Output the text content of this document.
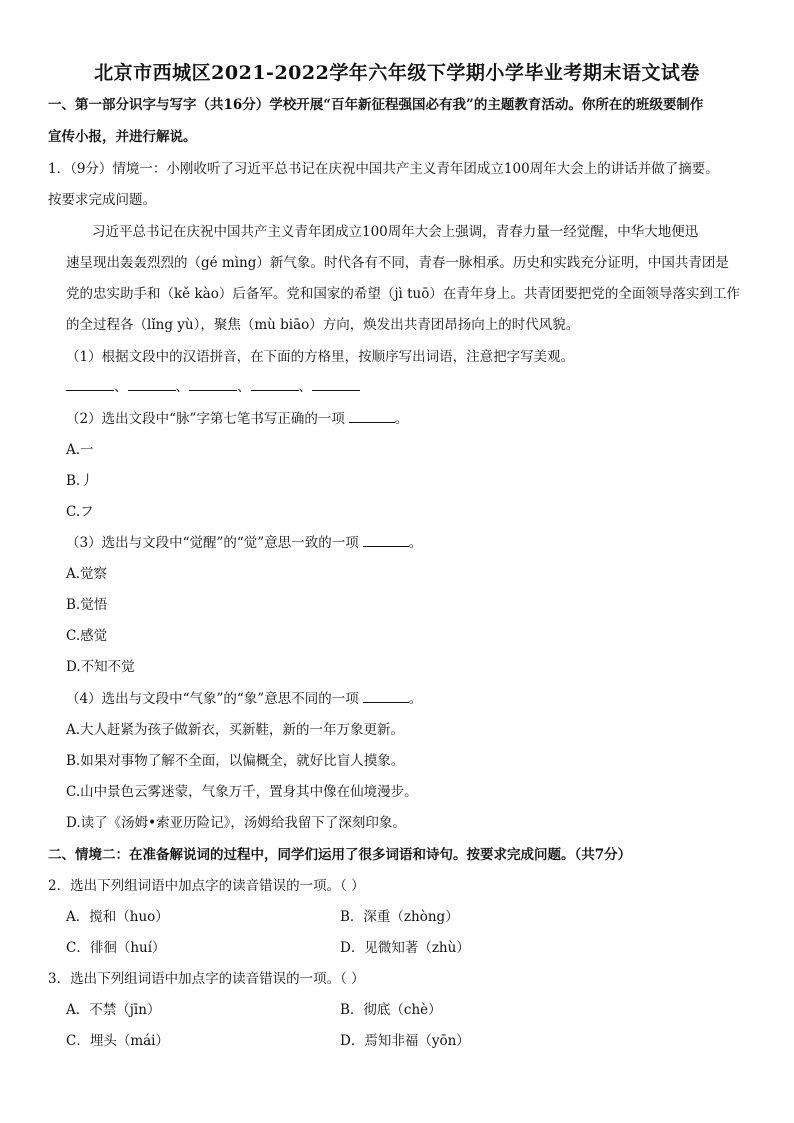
北京市西城区2021-2022学年六年级下学期小学毕业考期末语文试卷
一、第一部分识字与写字（共16分）学校开展“百年新征程强国必有我”的主题教育活动。你所在的班级要制作
宣传小报，并进行解说。
1．（9分）情境一：小刚收听了习近平总书记在庆祝中国共产主义青年团成立100周年大会上的讲话并做了摘要。
按要求完成问题。
习近平总书记在庆祝中国共产主义青年团成立100周年大会上强调，青春力量一经觉醒，中华大地便迅
速呈现出轰轰烈烈的（gé mìng）新气象。时代各有不同，青春一脉相承。历史和实践充分证明，中国共青团是
党的忠实助手和（kě kào）后备军。党和国家的希望（jì tuō）在青年身上。共青团要把党的全面领导落实到工作
的全过程各（lǐng yù），聚焦（mù biāo）方向，焕发出共青团昂扬向上的时代风貌。
（1）根据文段中的汉语拼音，在下面的方格里，按顺序写出词语，注意把字写美观。
、	、	、	、
（2）选出文段中“脉”字第七笔书写正确的一项	。
A.一
B.丿
C.フ
（3）选出与文段中“觉醒”的“觉”意思一致的一项	。
A.觉察
B.觉悟
C.感觉
D.不知不觉
（4）选出与文段中“气象”的“象”意思不同的一项	。
A.大人赶紧为孩子做新衣，买新鞋，新的一年万象更新。
B.如果对事物了解不全面，以偏概全，就好比盲人摸象。
C.山中景色云雾迷蒙，气象万千，置身其中像在仙境漫步。
D.读了《汤姆•索亚历险记》，汤姆给我留下了深刻印象。
二、情境二：在准备解说词的过程中，同学们运用了很多词语和诗句。按要求完成问题。（共7分）
2．选出下列组词语中加点字的读音错误的一项。（ ）
A．搅和（huo）	B．深重（zhòng）
C．徘徊（huí）	D．见微知著（zhù）
3．选出下列组词语中加点字的读音错误的一项。（ ）
A．不禁（jīn）	B．彻底（chè）
C．埋头（mái）	D．焉知非福（yōn）
